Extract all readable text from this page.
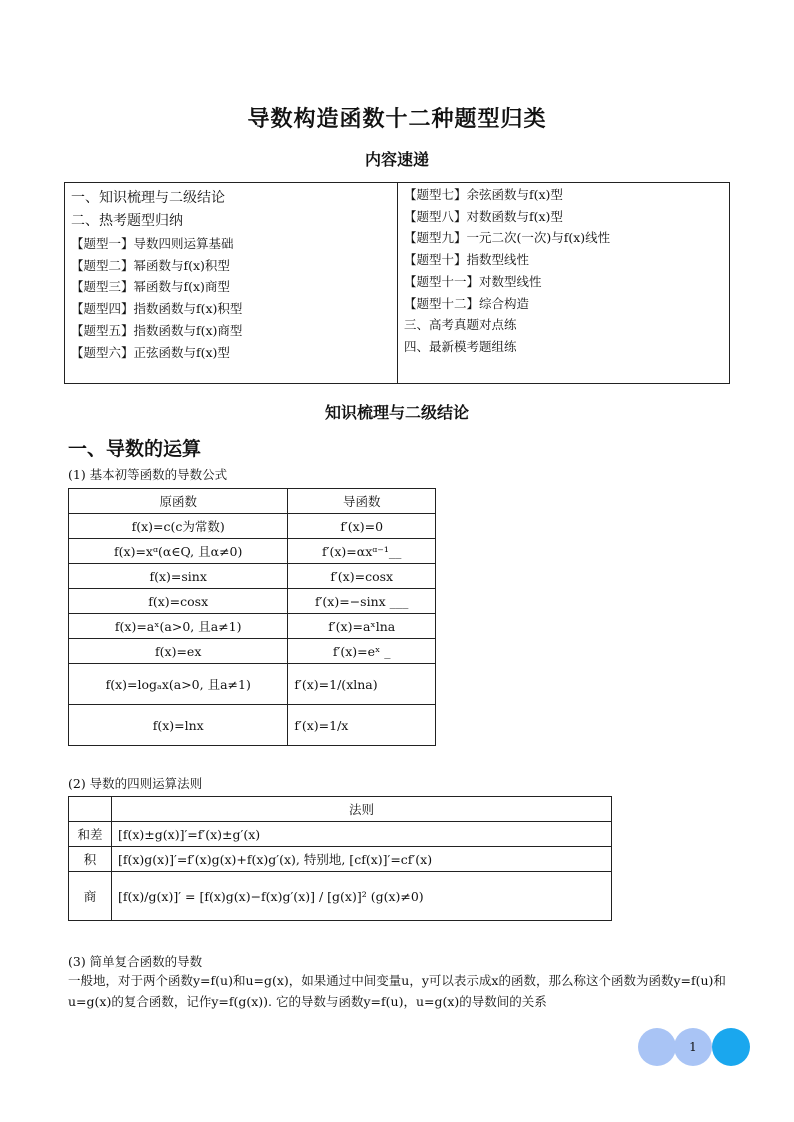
导数构造函数十二种题型归类
内容速递
一、知识梳理与二级结论
二、热考题型归纳
【题型一】导数四则运算基础
【题型二】幂函数与f(x)积型
【题型三】幂函数与f(x)商型
【题型四】指数函数与f(x)积型
【题型五】指数函数与f(x)商型
【题型六】正弦函数与f(x)型
【题型七】余弦函数与f(x)型
【题型八】对数函数与f(x)型
【题型九】一元二次(一次)与f(x)线性
【题型十】指数型线性
【题型十一】对数型线性
【题型十二】综合构造
三、高考真题对点练
四、最新模考题组练
知识梳理与二级结论
一、导数的运算
(1) 基本初等函数的导数公式
原函数	导函数
f(x)=c(c为常数)	f′(x)=0
f(x)=xᵅ(α∈Q, 且α≠0)	f′(x)=αxᵅ⁻¹__
f(x)=sinx	f′(x)=cosx
f(x)=cosx	f′(x)=−sinx ___
f(x)=aˣ(a>0, 且a≠1)	f′(x)=aˣlna
f(x)=ex	f′(x)=eˣ _
f(x)=logₐx(a>0, 且a≠1)	f′(x)=1/(xlna)
f(x)=lnx	f′(x)=1/x
(2) 导数的四则运算法则
	法则
和差	[f(x)±g(x)]′=f′(x)±g′(x)
积	[f(x)g(x)]′=f′(x)g(x)+f(x)g′(x), 特别地, [cf(x)]′=cf′(x)
商	[f(x)/g(x)]′ = [f(x)g(x)−f(x)g′(x)] / [g(x)]² (g(x)≠0)
(3) 简单复合函数的导数
一般地，对于两个函数y=f(u)和u=g(x)，如果通过中间变量u，y可以表示成x的函数，那么称这个函数为函数y=f(u)和u=g(x)的复合函数，记作y=f(g(x)). 它的导数与函数y=f(u)，u=g(x)的导数间的关系
1
